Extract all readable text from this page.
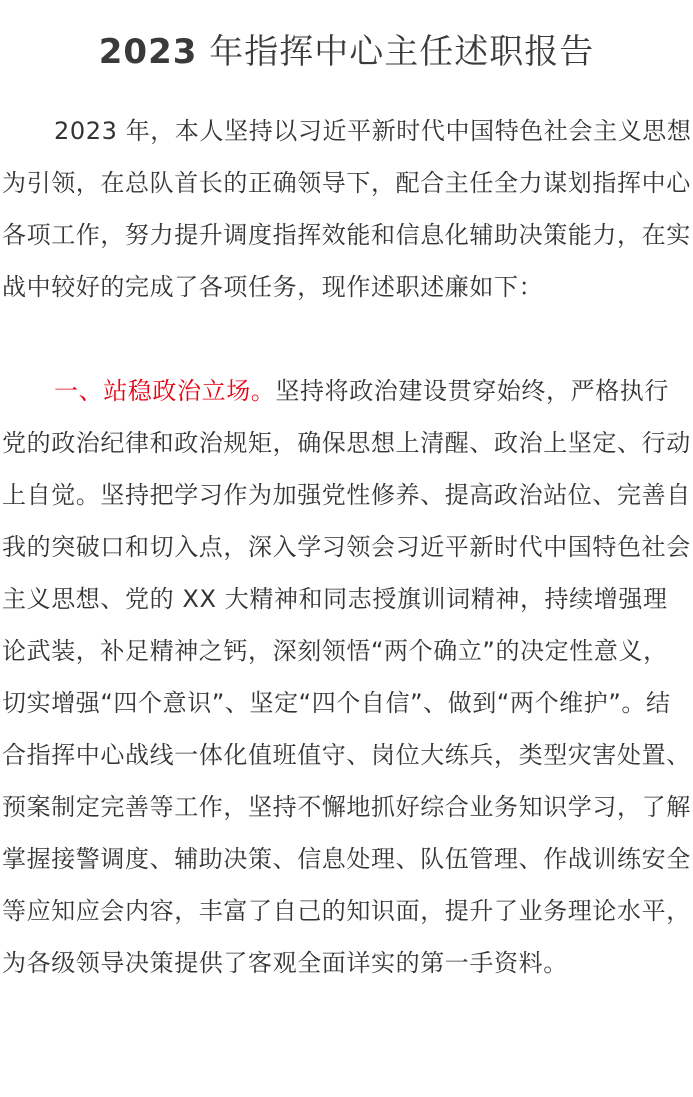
2023 年指挥中心主任述职报告

2023 年，本人坚持以习近平新时代中国特色社会主义思想为引领，在总队首长的正确领导下，配合主任全力谋划指挥中心各项工作，努力提升调度指挥效能和信息化辅助决策能力，在实战中较好的完成了各项任务，现作述职述廉如下：

一、站稳政治立场。坚持将政治建设贯穿始终，严格执行党的政治纪律和政治规矩，确保思想上清醒、政治上坚定、行动上自觉。坚持把学习作为加强党性修养、提高政治站位、完善自我的突破口和切入点，深入学习领会习近平新时代中国特色社会主义思想、党的 XX 大精神和同志授旗训词精神，持续增强理论武装，补足精神之钙，深刻领悟“两个确立”的决定性意义，切实增强“四个意识”、坚定“四个自信”、做到“两个维护”。结合指挥中心战线一体化值班值守、岗位大练兵，类型灾害处置、预案制定完善等工作，坚持不懈地抓好综合业务知识学习，了解掌握接警调度、辅助决策、信息处理、队伍管理、作战训练安全等应知应会内容，丰富了自己的知识面，提升了业务理论水平，为各级领导决策提供了客观全面详实的第一手资料。
